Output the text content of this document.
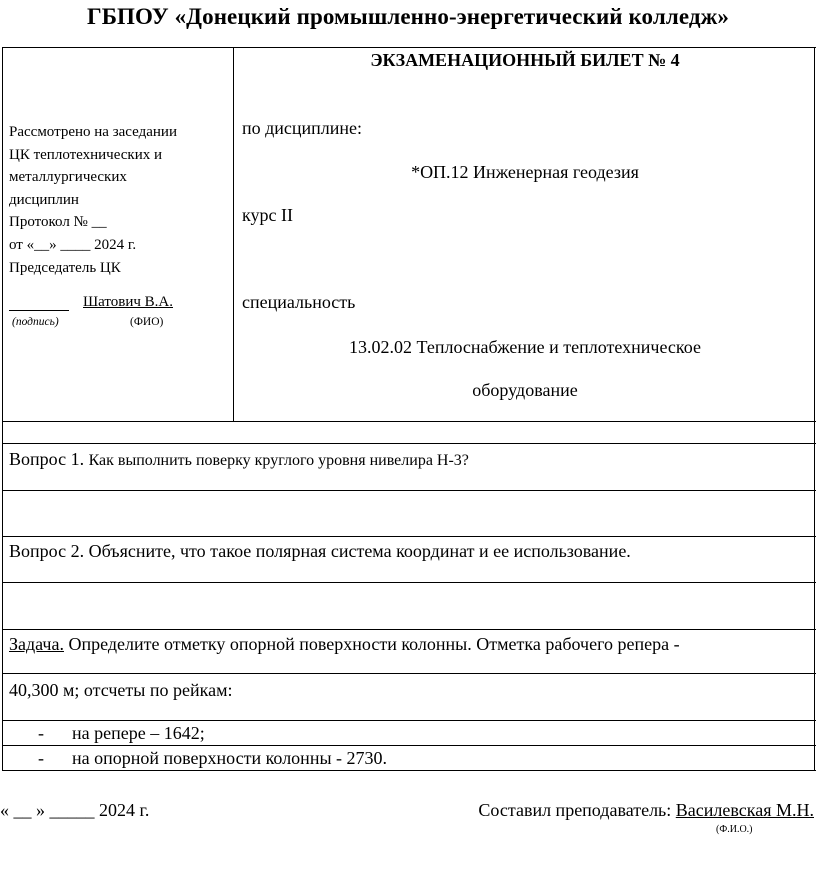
ГБПОУ «Донецкий промышленно-энергетический колледж»
Рассмотрено на заседании
ЦК теплотехнических и
металлургических
дисциплин
Протокол № __
от «__» ____ 2024 г.
Председатель ЦК
Шатович В.А.
(подпись)	(ФИО)
ЭКЗАМЕНАЦИОННЫЙ БИЛЕТ № 4
по дисциплине:
*ОП.12 Инженерная геодезия
курс II
специальность
13.02.02 Теплоснабжение и теплотехническое
оборудование
Вопрос 1. Как выполнить поверку круглого уровня нивелира Н-3?
Вопрос 2. Объясните, что такое полярная система координат и ее использование.
Задача. Определите отметку опорной поверхности колонны. Отметка рабочего репера -
40,300 м; отсчеты по рейкам:
- на репере – 1642;
- на опорной поверхности колонны - 2730.
« __ » _____ 2024 г.	Составил преподаватель: Василевская М.Н.
(Ф.И.О.)
